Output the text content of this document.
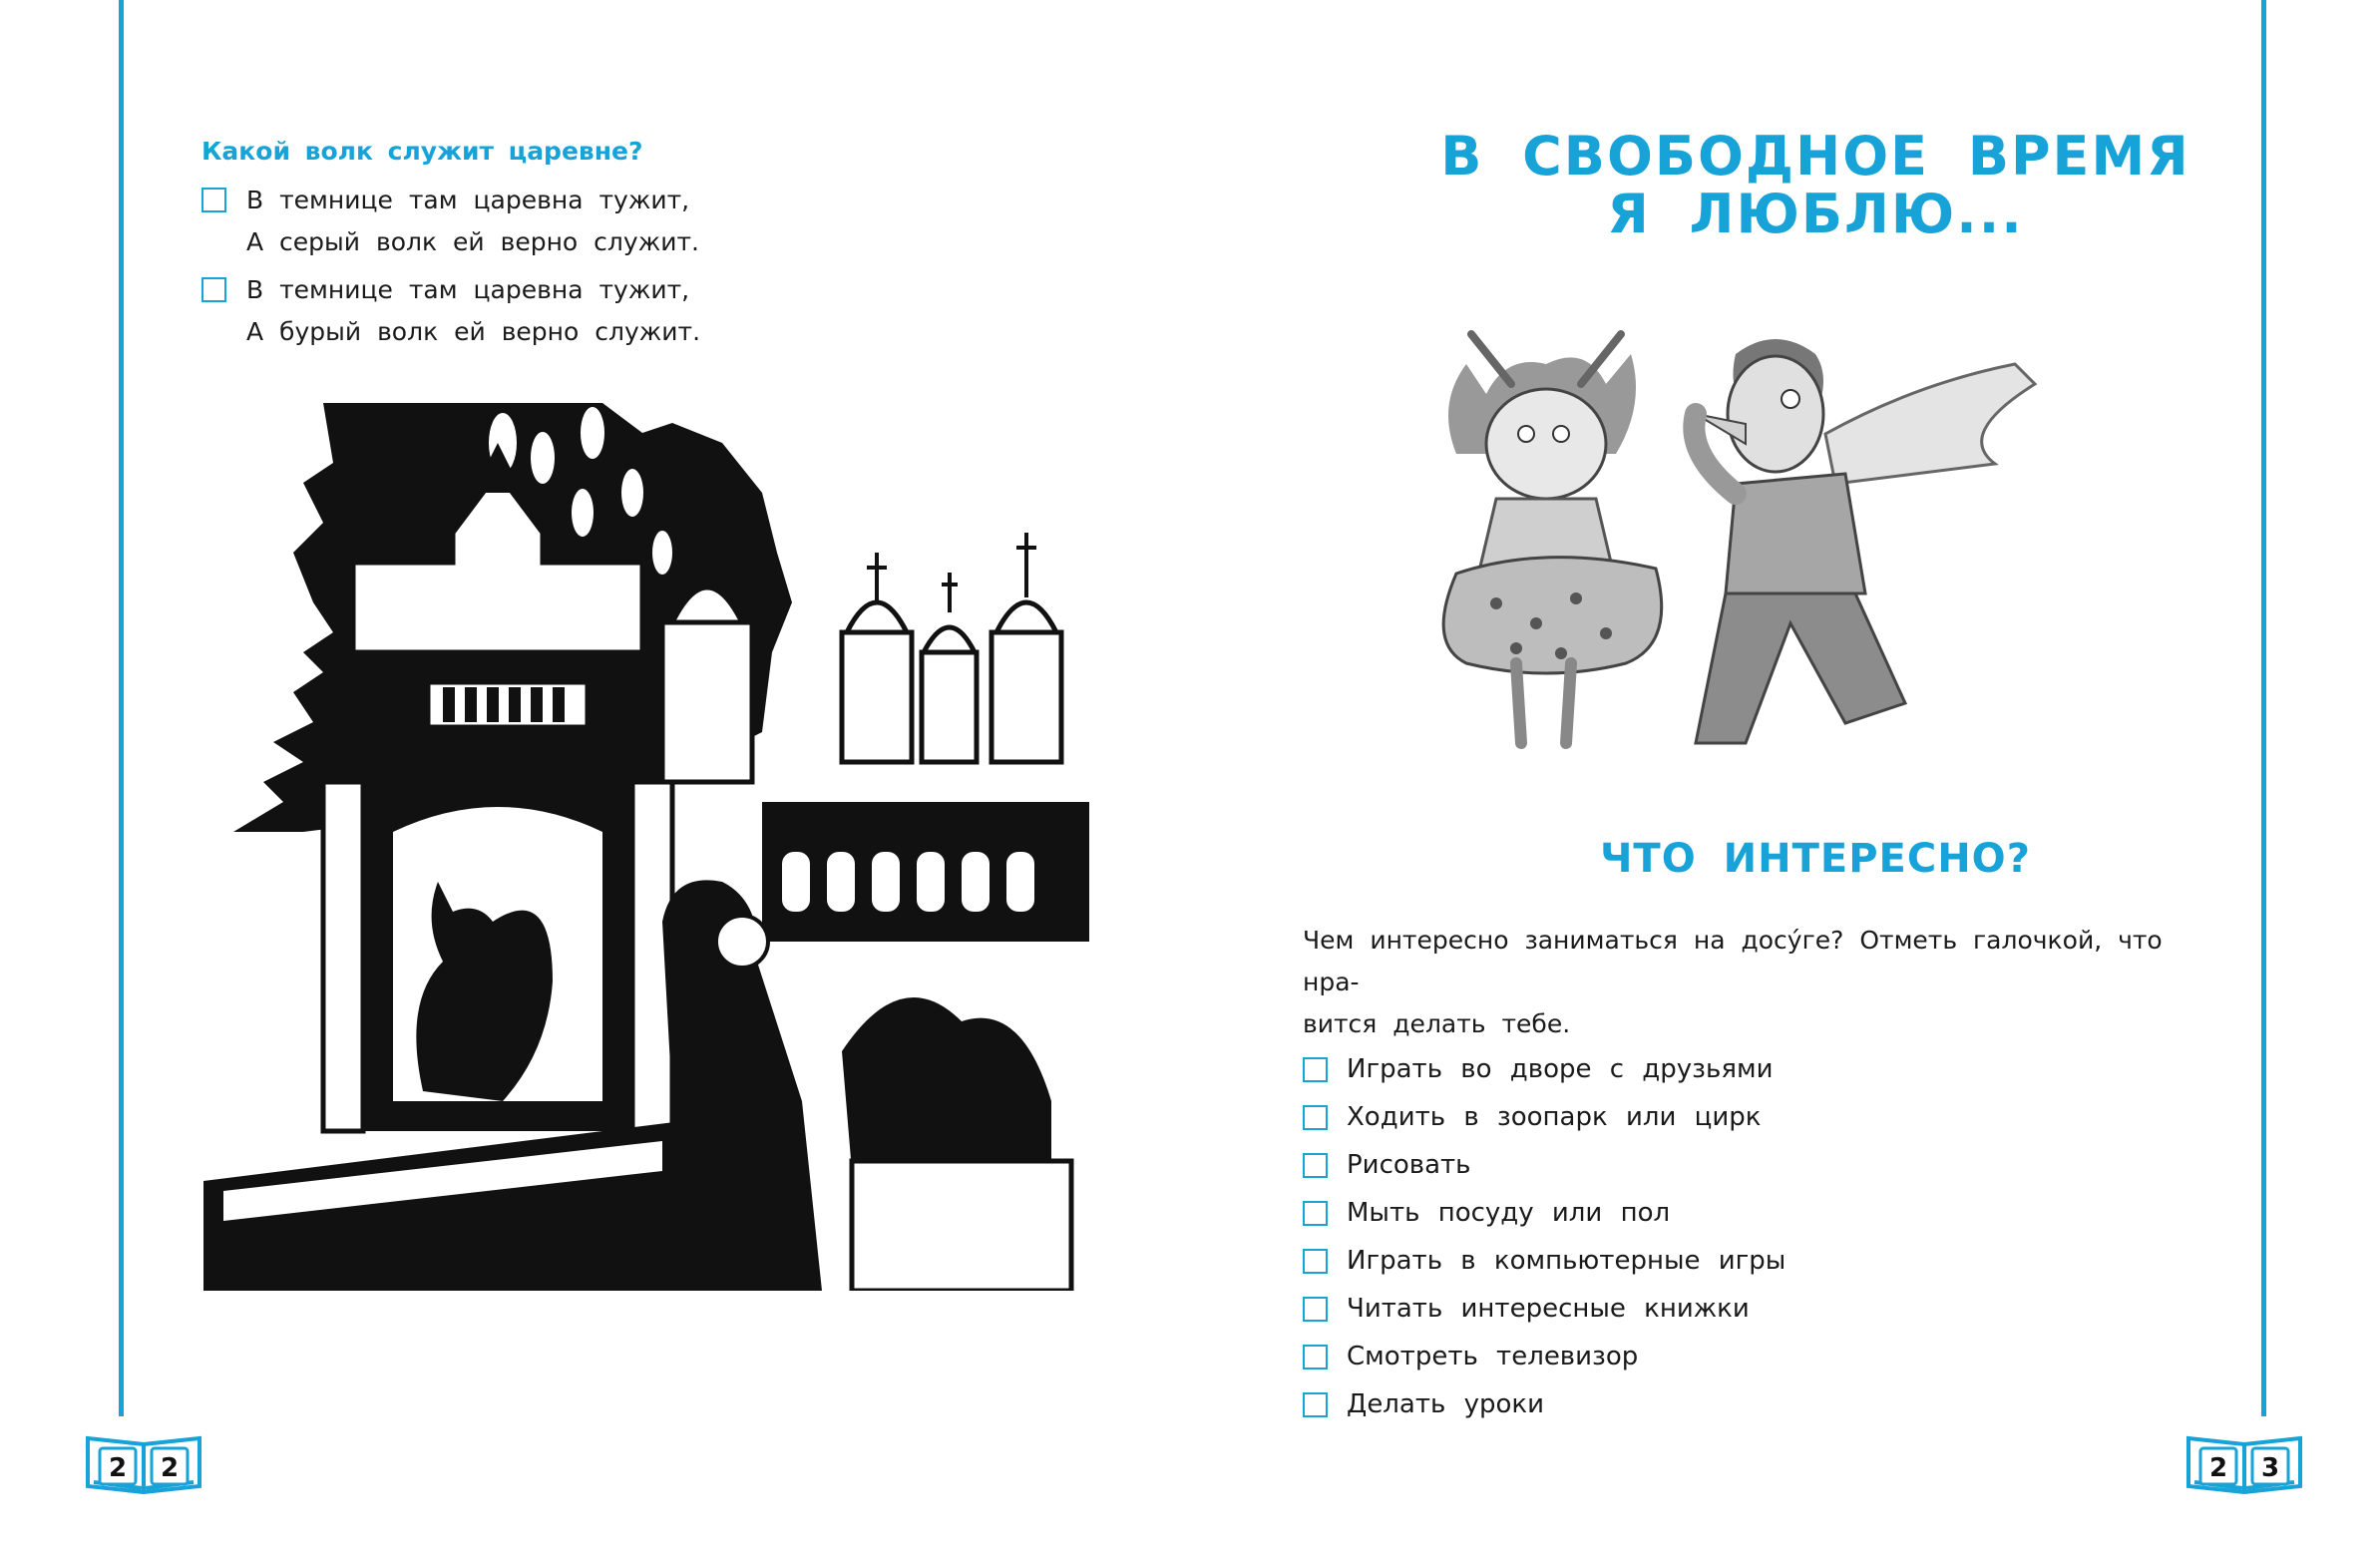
Какой волк служит царевне?
В темнице там царевна тужит,
А серый волк ей верно служит.
В темнице там царевна тужит,
А бурый волк ей верно служит.
В СВОБОДНОЕ ВРЕМЯ
Я ЛЮБЛЮ...
ЧТО ИНТЕРЕСНО?
Чем интересно заниматься на досу́ге? Отметь галочкой, что нра-
вится делать тебе.
Играть во дворе с друзьями
Ходить в зоопарк или цирк
Рисовать
Мыть посуду или пол
Играть в компьютерные игры
Читать интересные книжки
Смотреть телевизор
Делать уроки
2 2	2 3
